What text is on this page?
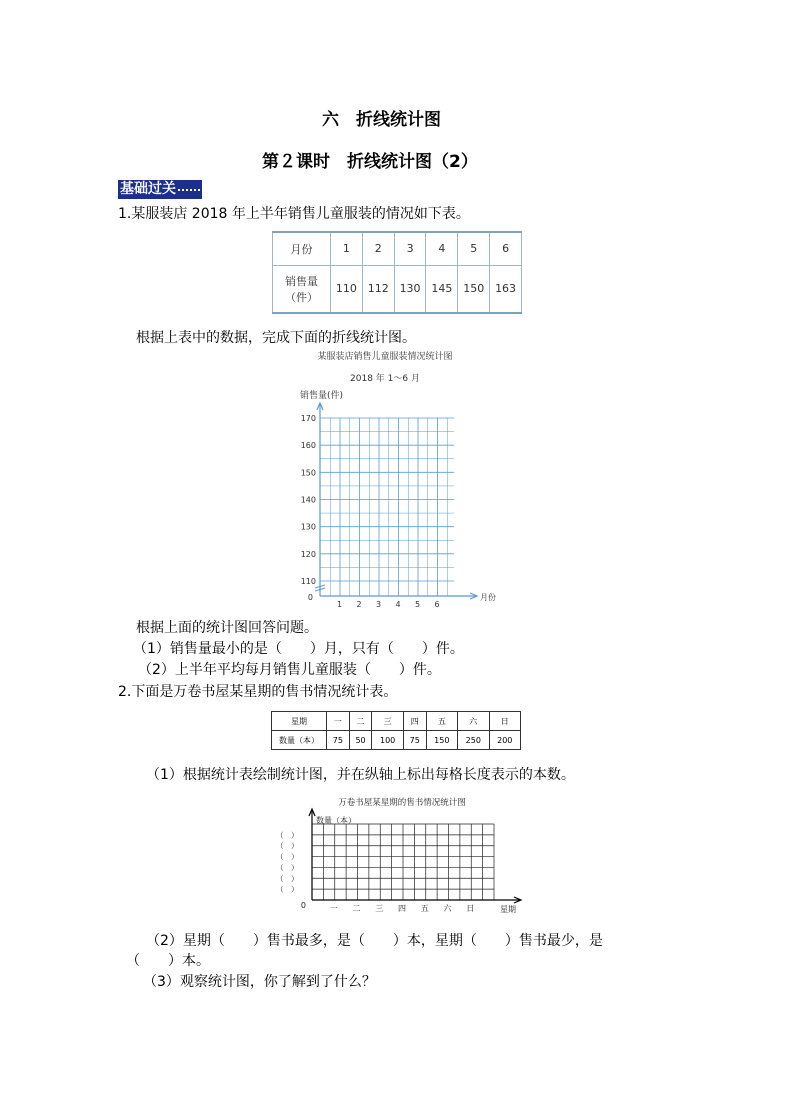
六　折线统计图
第２课时　折线统计图（2）
基础过关
1.某服装店 2018 年上半年销售儿童服装的情况如下表。
月份	1	2	3	4	5	6

销售量
（件）	110	112	130	145	150	163
根据上表中的数据，完成下面的折线统计图。
某服装店销售儿童服装情况统计图
2018 年 1～6 月
销售量(件)
110
120
130
140
150
160
170
1 2 3 4 5 6
0	月份
根据上面的统计图回答问题。
（1）销售量最小的是（　　）月，只有（　　）件。
（2）上半年平均每月销售儿童服装（　　）件。
2.下面是万卷书屋某星期的售书情况统计表。
星期	一	二	三	四	五	六	日
数量（本）	75	50	100	75	150	250	200
（1）根据统计表绘制统计图，并在纵轴上标出每格长度表示的本数。
万卷书屋某星期的售书情况统计图
数量（本）
（　）
（　）
（　）
（　）
（　）
（　）
一 二 三 四 五 六 日
0	星期
（2）星期（　　）售书最多，是（　　）本，星期（　　）售书最少，是
（　　）本。
（3）观察统计图，你了解到了什么？
